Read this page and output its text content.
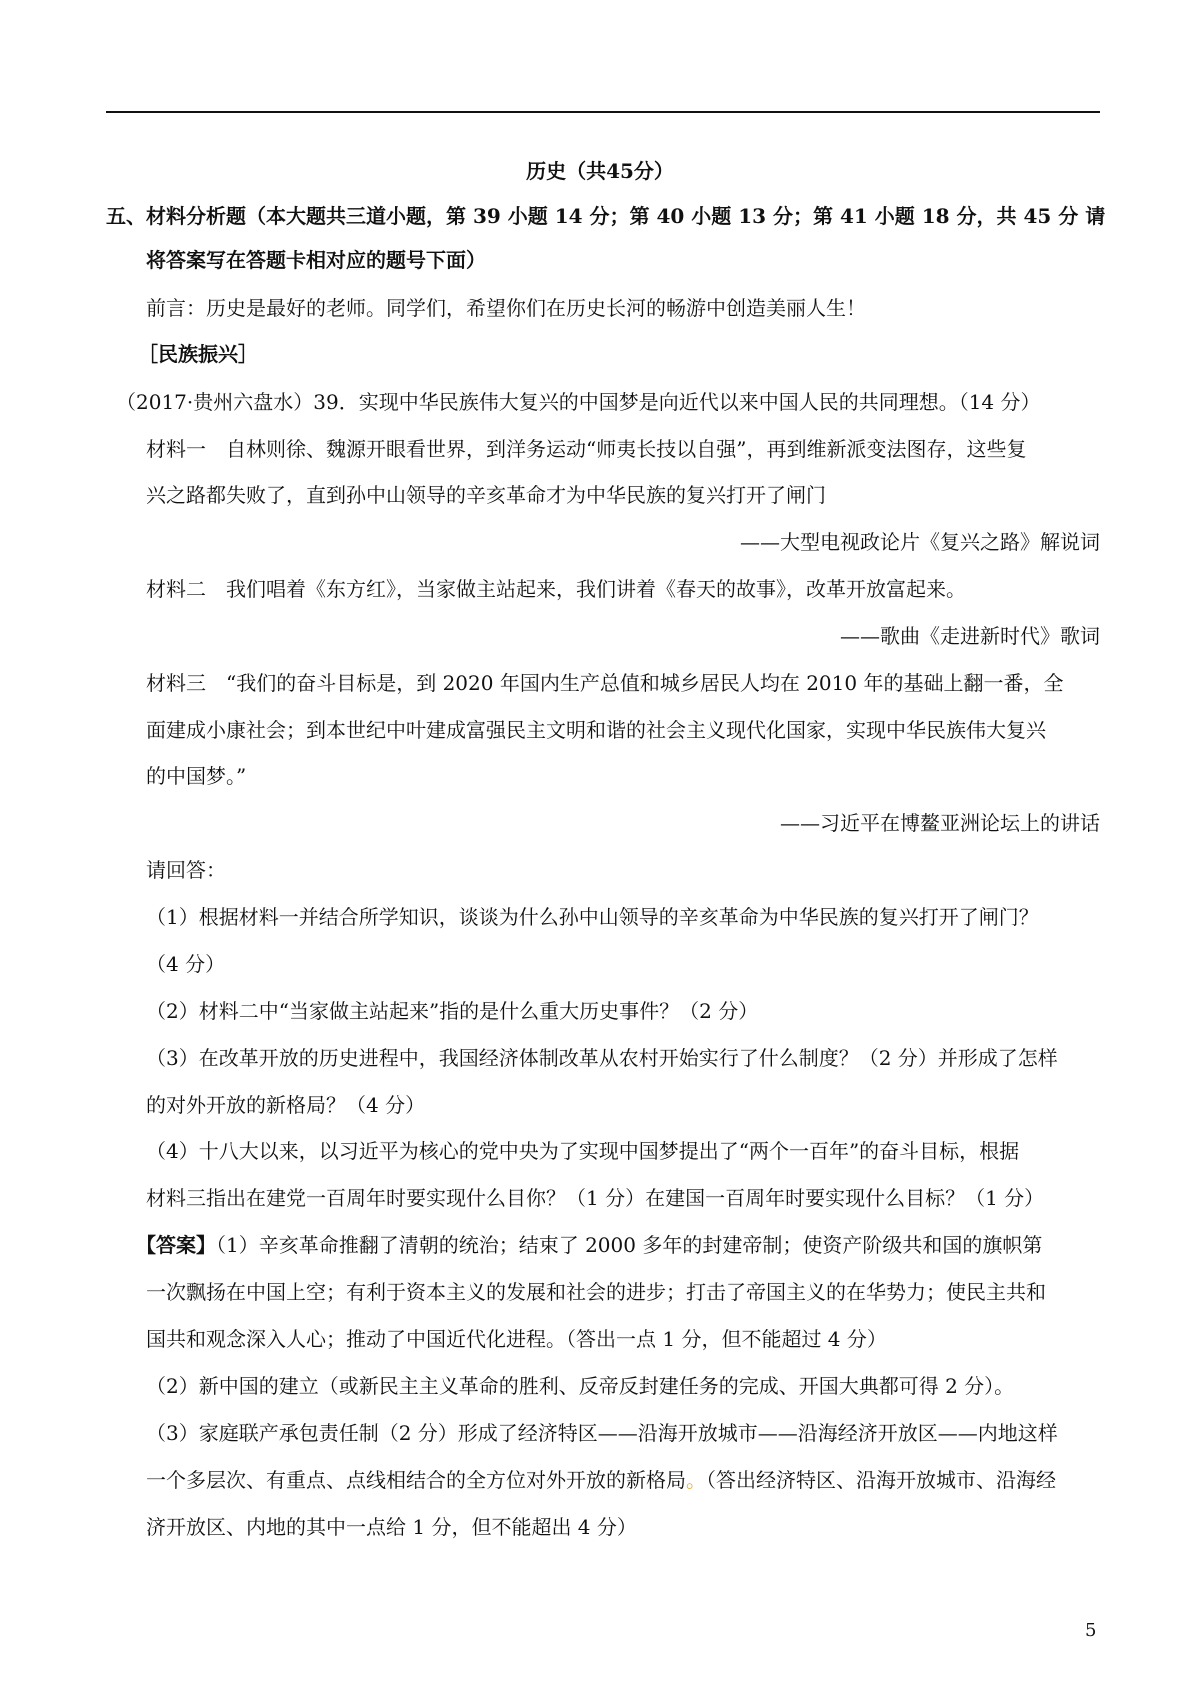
历史（共45分）
五、材料分析题（本大题共三道小题，第 39 小题 14 分；第 40 小题 13 分；第 41 小题 18 分，共 45 分 请
将答案写在答题卡相对应的题号下面）
前言：历史是最好的老师。同学们，希望你们在历史长河的畅游中创造美丽人生！
［民族振兴］
（2017·贵州六盘水）39．实现中华民族伟大复兴的中国梦是向近代以来中国人民的共同理想。（14 分）
材料一　自林则徐、魏源开眼看世界，到洋务运动“师夷长技以自强”，再到维新派变法图存，这些复
兴之路都失败了，直到孙中山领导的辛亥革命才为中华民族的复兴打开了闸门
——大型电视政论片《复兴之路》解说词
材料二　我们唱着《东方红》，当家做主站起来，我们讲着《春天的故事》，改革开放富起来。
——歌曲《走进新时代》歌词
材料三　“我们的奋斗目标是，到 2020 年国内生产总值和城乡居民人均在 2010 年的基础上翻一番，全
面建成小康社会；到本世纪中叶建成富强民主文明和谐的社会主义现代化国家，实现中华民族伟大复兴
的中国梦。”
——习近平在博鳌亚洲论坛上的讲话
请回答：
（1）根据材料一并结合所学知识，谈谈为什么孙中山领导的辛亥革命为中华民族的复兴打开了闸门？
（4 分）
（2）材料二中“当家做主站起来”指的是什么重大历史事件？（2 分）
（3）在改革开放的历史进程中，我国经济体制改革从农村开始实行了什么制度？（2 分）并形成了怎样
的对外开放的新格局？（4 分）
（4）十八大以来，以习近平为核心的党中央为了实现中国梦提出了“两个一百年”的奋斗目标，根据
材料三指出在建党一百周年时要实现什么目你？（1 分）在建国一百周年时要实现什么目标？（1 分）
【答案】（1）辛亥革命推翻了清朝的统治；结束了 2000 多年的封建帝制；使资产阶级共和国的旗帜第
一次飘扬在中国上空；有利于资本主义的发展和社会的进步；打击了帝国主义的在华势力；使民主共和
国共和观念深入人心；推动了中国近代化进程。（答出一点 1 分，但不能超过 4 分）
（2）新中国的建立（或新民主主义革命的胜利、反帝反封建任务的完成、开国大典都可得 2 分）。
（3）家庭联产承包责任制（2 分）形成了经济特区——沿海开放城市——沿海经济开放区——内地这样
一个多层次、有重点、点线相结合的全方位对外开放的新格局。（答出经济特区、沿海开放城市、沿海经
济开放区、内地的其中一点给 1 分，但不能超出 4 分）
5
